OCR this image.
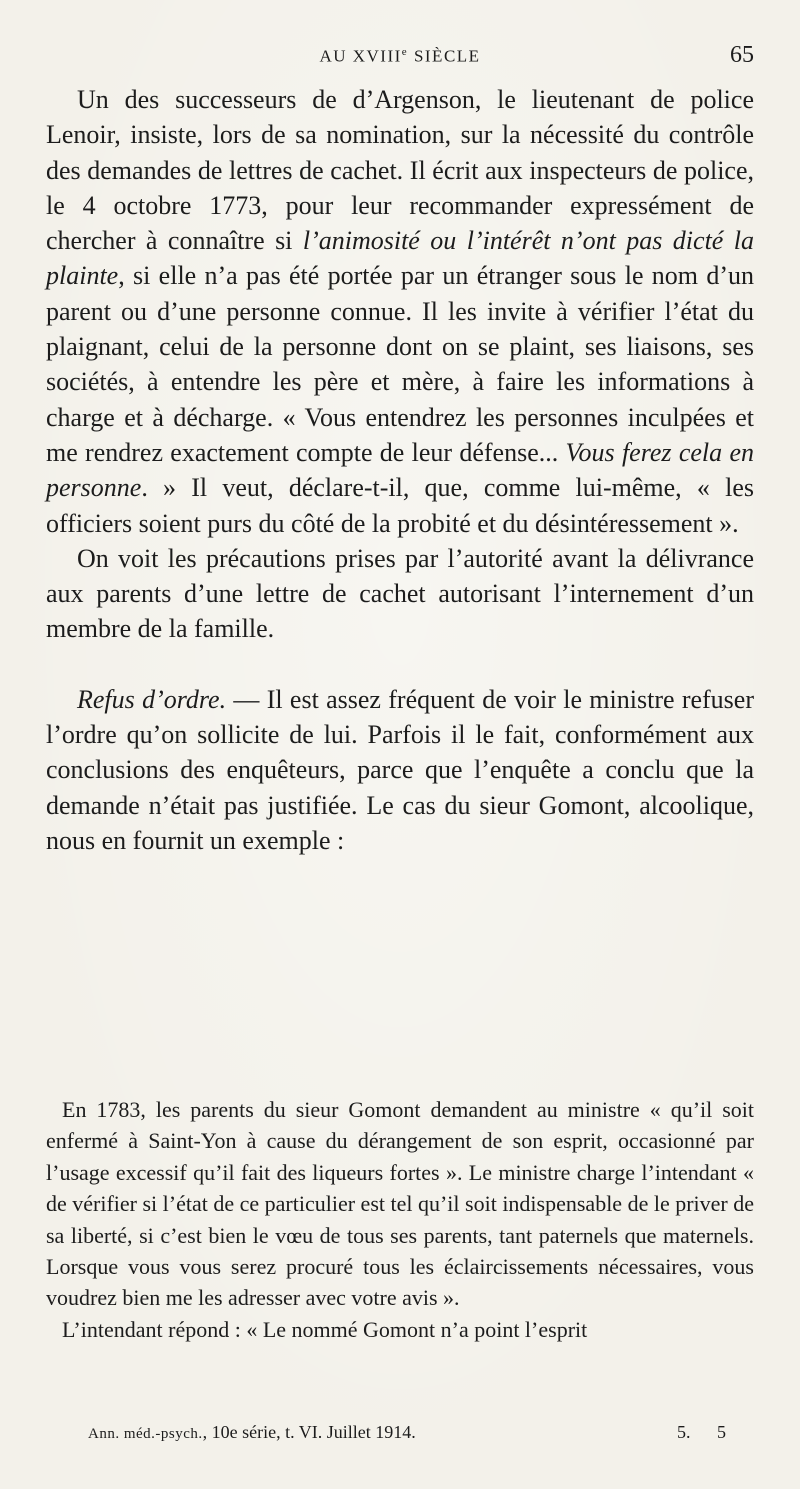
AU XVIIIe SIÈCLE	65

Un des successeurs de d’Argenson, le lieutenant de police Lenoir, insiste, lors de sa nomination, sur la nécessité du contrôle des demandes de lettres de cachet. Il écrit aux inspecteurs de police, le 4 octobre 1773, pour leur recommander expressément de chercher à connaître si l’animosité ou l’intérêt n’ont pas dicté la plainte, si elle n’a pas été portée par un étranger sous le nom d’un parent ou d’une personne connue. Il les invite à vérifier l’état du plaignant, celui de la personne dont on se plaint, ses liaisons, ses sociétés, à entendre les père et mère, à faire les informations à charge et à décharge. « Vous entendrez les personnes inculpées et me rendrez exactement compte de leur défense... Vous ferez cela en personne. » Il veut, déclare-t-il, que, comme lui-même, « les officiers soient purs du côté de la probité et du désintéressement ».

On voit les précautions prises par l’autorité avant la délivrance aux parents d’une lettre de cachet autorisant l’internement d’un membre de la famille.

Refus d’ordre. — Il est assez fréquent de voir le ministre refuser l’ordre qu’on sollicite de lui. Parfois il le fait, conformément aux conclusions des enquêteurs, parce que l’enquête a conclu que la demande n’était pas justifiée. Le cas du sieur Gomont, alcoolique, nous en fournit un exemple :

En 1783, les parents du sieur Gomont demandent au ministre « qu’il soit enfermé à Saint-Yon à cause du dérangement de son esprit, occasionné par l’usage excessif qu’il fait des liqueurs fortes ». Le ministre charge l’intendant « de vérifier si l’état de ce particulier est tel qu’il soit indispensable de le priver de sa liberté, si c’est bien le vœu de tous ses parents, tant paternels que maternels. Lorsque vous vous serez procuré tous les éclaircissements nécessaires, vous voudrez bien me les adresser avec votre avis ».

L’intendant répond : « Le nommé Gomont n’a point l’esprit

Ann. méd.-psych., 10e série, t. VI. Juillet 1914.	5. 5
